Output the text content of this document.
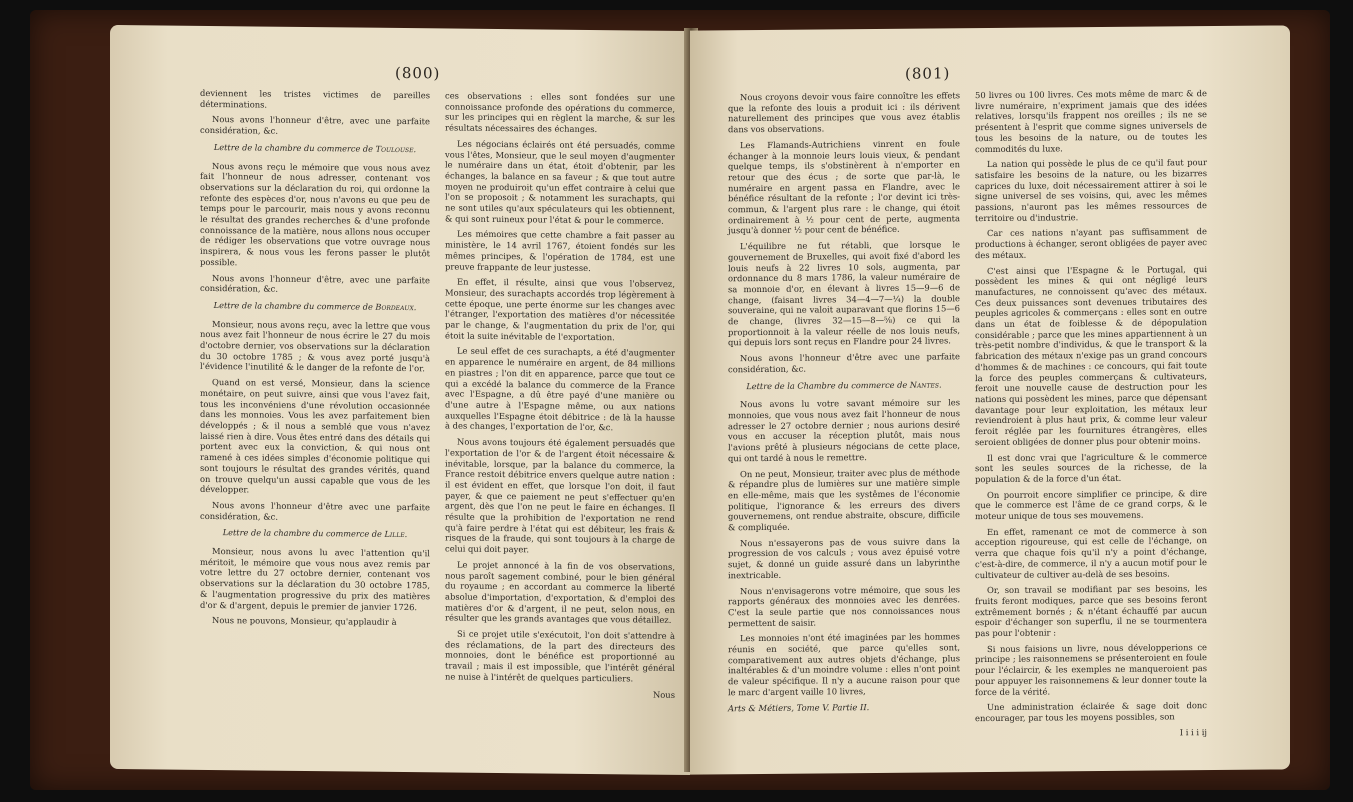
(800)

deviennent les tristes victimes de pareilles déterminations.

Nous avons l'honneur d'être, avec une parfaite considération, &c.

Lettre de la chambre du commerce de Toulouse.

Nous avons reçu le mémoire que vous nous avez fait l'honneur de nous adresser, contenant vos observations sur la déclaration du roi, qui ordonne la refonte des espèces d'or, nous n'avons eu que peu de temps pour le parcourir, mais nous y avons reconnu le résultat des grandes recherches & d'une profonde connoissance de la matière, nous allons nous occuper de rédiger les observations que votre ouvrage nous inspirera, & nous vous les ferons passer le plutôt possible.

Nous avons l'honneur d'être, avec une parfaite considération, &c.

Lettre de la chambre du commerce de Bordeaux.

Monsieur, nous avons reçu, avec la lettre que vous nous avez fait l'honneur de nous écrire le 27 du mois d'octobre dernier, vos observations sur la déclaration du 30 octobre 1785 ; & vous avez porté jusqu'à l'évidence l'inutilité & le danger de la refonte de l'or.

Quand on est versé, Monsieur, dans la science monétaire, on peut suivre, ainsi que vous l'avez fait, tous les inconvéniens d'une révolution occasionnée dans les monnoies. Vous les avez parfaitement bien développés ; & il nous a semblé que vous n'avez laissé rien à dire. Vous êtes entré dans des détails qui portent avec eux la conviction, & qui nous ont ramené à ces idées simples d'économie politique qui sont toujours le résultat des grandes vérités, quand on trouve quelqu'un aussi capable que vous de les développer.

Nous avons l'honneur d'être avec une parfaite considération, &c.

Lettre de la chambre du commerce de Lille.

Monsieur, nous avons lu avec l'attention qu'il méritoit, le mémoire que vous nous avez remis par votre lettre du 27 octobre dernier, contenant vos observations sur la déclaration du 30 octobre 1785, & l'augmentation progressive du prix des matières d'or & d'argent, depuis le premier de janvier 1726.

Nous ne pouvons, Monsieur, qu'applaudir à

ces observations : elles sont fondées sur une connoissance profonde des opérations du commerce, sur les principes qui en règlent la marche, & sur les résultats nécessaires des échanges.

Les négocians éclairés ont été persuadés, comme vous l'êtes, Monsieur, que le seul moyen d'augmenter le numéraire dans un état, étoit d'obtenir, par les échanges, la balance en sa faveur ; & que tout autre moyen ne produiroit qu'un effet contraire à celui que l'on se proposoit ; & notamment les surachapts, qui ne sont utiles qu'aux spéculateurs qui les obtiennent, & qui sont ruineux pour l'état & pour le commerce.

Les mémoires que cette chambre a fait passer au ministère, le 14 avril 1767, étoient fondés sur les mêmes principes, & l'opération de 1784, est une preuve frappante de leur justesse.

En effet, il résulte, ainsi que vous l'observez, Monsieur, des surachapts accordés trop légèrement à cette époque, une perte énorme sur les changes avec l'étranger, l'exportation des matières d'or nécessitée par le change, & l'augmentation du prix de l'or, qui étoit la suite inévitable de l'exportation.

Le seul effet de ces surachapts, a été d'augmenter en apparence le numéraire en argent, de 84 millions en piastres ; l'on dit en apparence, parce que tout ce qui a excédé la balance du commerce de la France avec l'Espagne, a dû être payé d'une manière ou d'une autre à l'Espagne même, ou aux nations auxquelles l'Espagne étoit débitrice : de là la hausse à des changes, l'exportation de l'or, &c.

Nous avons toujours été également persuadés que l'exportation de l'or & de l'argent étoit nécessaire & inévitable, lorsque, par la balance du commerce, la France restoit débitrice envers quelque autre nation : il est évident en effet, que lorsque l'on doit, il faut payer, & que ce paiement ne peut s'effectuer qu'en argent, dès que l'on ne peut le faire en échanges. Il résulte que la prohibition de l'exportation ne rend qu'à faire perdre à l'état qui est débiteur, les frais & risques de la fraude, qui sont toujours à la charge de celui qui doit payer.

Le projet annoncé à la fin de vos observations, nous paroît sagement combiné, pour le bien général du royaume ; en accordant au commerce la liberté absolue d'importation, d'exportation, & d'emploi des matières d'or & d'argent, il ne peut, selon nous, en résulter que les grands avantages que vous détaillez.

Si ce projet utile s'exécutoit, l'on doit s'attendre à des réclamations, de la part des directeurs des monnoies, dont le bénéfice est proportionné au travail ; mais il est impossible, que l'intérêt général ne nuise à l'intérêt de quelques particuliers.

Nous
(801)

Nous croyons devoir vous faire connoître les effets que la refonte des louis a produit ici : ils dérivent naturellement des principes que vous avez établis dans vos observations.

Les Flamands-Autrichiens vinrent en foule échanger à la monnoie leurs louis vieux, & pendant quelque temps, ils s'obstinèrent à n'emporter en retour que des écus ; de sorte que par-là, le numéraire en argent passa en Flandre, avec le bénéfice résultant de la refonte ; l'or devint ici très-commun, & l'argent plus rare : le change, qui étoit ordinairement à ½ pour cent de perte, augmenta jusqu'à donner ½ pour cent de bénéfice.

L'équilibre ne fut rétabli, que lorsque le gouvernement de Bruxelles, qui avoit fixé d'abord les louis neufs à 22 livres 10 sols, augmenta, par ordonnance du 8 mars 1786, la valeur numéraire de sa monnoie d'or, en élevant à livres 15—9—6 de change, (faisant livres 34—4—7—¼) la double souveraine, qui ne valoit auparavant que florins 15—6 de change, (livres 32—15—8—⅝) ce qui la proportionnoit à la valeur réelle de nos louis neufs, qui depuis lors sont reçus en Flandre pour 24 livres.

Nous avons l'honneur d'être avec une parfaite considération, &c.

Lettre de la Chambre du commerce de Nantes.

Nous avons lu votre savant mémoire sur les monnoies, que vous nous avez fait l'honneur de nous adresser le 27 octobre dernier ; nous aurions desiré vous en accuser la réception plutôt, mais nous l'avions prêté à plusieurs négocians de cette place, qui ont tardé à nous le remettre.

On ne peut, Monsieur, traiter avec plus de méthode & répandre plus de lumières sur une matière simple en elle-même, mais que les systêmes de l'économie politique, l'ignorance & les erreurs des divers gouvernemens, ont rendue abstraite, obscure, difficile & compliquée.

Nous n'essayerons pas de vous suivre dans la progression de vos calculs ; vous avez épuisé votre sujet, & donné un guide assuré dans un labyrinthe inextricable.

Nous n'envisagerons votre mémoire, que sous les rapports généraux des monnoies avec les denrées. C'est la seule partie que nos connoissances nous permettent de saisir.

Les monnoies n'ont été imaginées par les hommes réunis en société, que parce qu'elles sont, comparativement aux autres objets d'échange, plus inaltérables & d'un moindre volume : elles n'ont point de valeur spécifique. Il n'y a aucune raison pour que le marc d'argent vaille 10 livres,

Arts & Métiers, Tome V. Partie II.

50 livres ou 100 livres. Ces mots même de marc & de livre numéraire, n'expriment jamais que des idées relatives, lorsqu'ils frappent nos oreilles ; ils ne se présentent à l'esprit que comme signes universels de tous les besoins de la nature, ou de toutes les commodités du luxe.

La nation qui possède le plus de ce qu'il faut pour satisfaire les besoins de la nature, ou les bizarres caprices du luxe, doit nécessairement attirer à soi le signe universel de ses voisins, qui, avec les mêmes passions, n'auront pas les mêmes ressources de territoire ou d'industrie.

Car ces nations n'ayant pas suffisamment de productions à échanger, seront obligées de payer avec des métaux.

C'est ainsi que l'Espagne & le Portugal, qui possèdent les mines & qui ont négligé leurs manufactures, ne connoissent qu'avec des métaux. Ces deux puissances sont devenues tributaires des peuples agricoles & commerçans : elles sont en outre dans un état de foiblesse & de dépopulation considérable ; parce que les mines appartiennent à un très-petit nombre d'individus, & que le transport & la fabrication des métaux n'exige pas un grand concours d'hommes & de machines : ce concours, qui fait toute la force des peuples commerçans & cultivateurs, feroit une nouvelle cause de destruction pour les nations qui possèdent les mines, parce que dépensant davantage pour leur exploitation, les métaux leur reviendroient à plus haut prix, & comme leur valeur feroit réglée par les fournitures étrangères, elles seroient obligées de donner plus pour obtenir moins.

Il est donc vrai que l'agriculture & le commerce sont les seules sources de la richesse, de la population & de la force d'un état.

On pourroit encore simplifier ce principe, & dire que le commerce est l'âme de ce grand corps, & le moteur unique de tous ses mouvemens.

En effet, ramenant ce mot de commerce à son acception rigoureuse, qui est celle de l'échange, on verra que chaque fois qu'il n'y a point d'échange, c'est-à-dire, de commerce, il n'y a aucun motif pour le cultivateur de cultiver au-delà de ses besoins.

Or, son travail se modifiant par ses besoins, les fruits feront modiques, parce que ses besoins feront extrêmement bornés ; & n'étant échauffé par aucun espoir d'échanger son superflu, il ne se tourmentera pas pour l'obtenir :

Si nous faisions un livre, nous développerions ce principe ; les raisonnemens se présenteroient en foule pour l'éclaircir, & les exemples ne manqueroient pas pour appuyer les raisonnemens & leur donner toute la force de la vérité.

Une administration éclairée & sage doit donc encourager, par tous les moyens possibles, son

I i i i ij
